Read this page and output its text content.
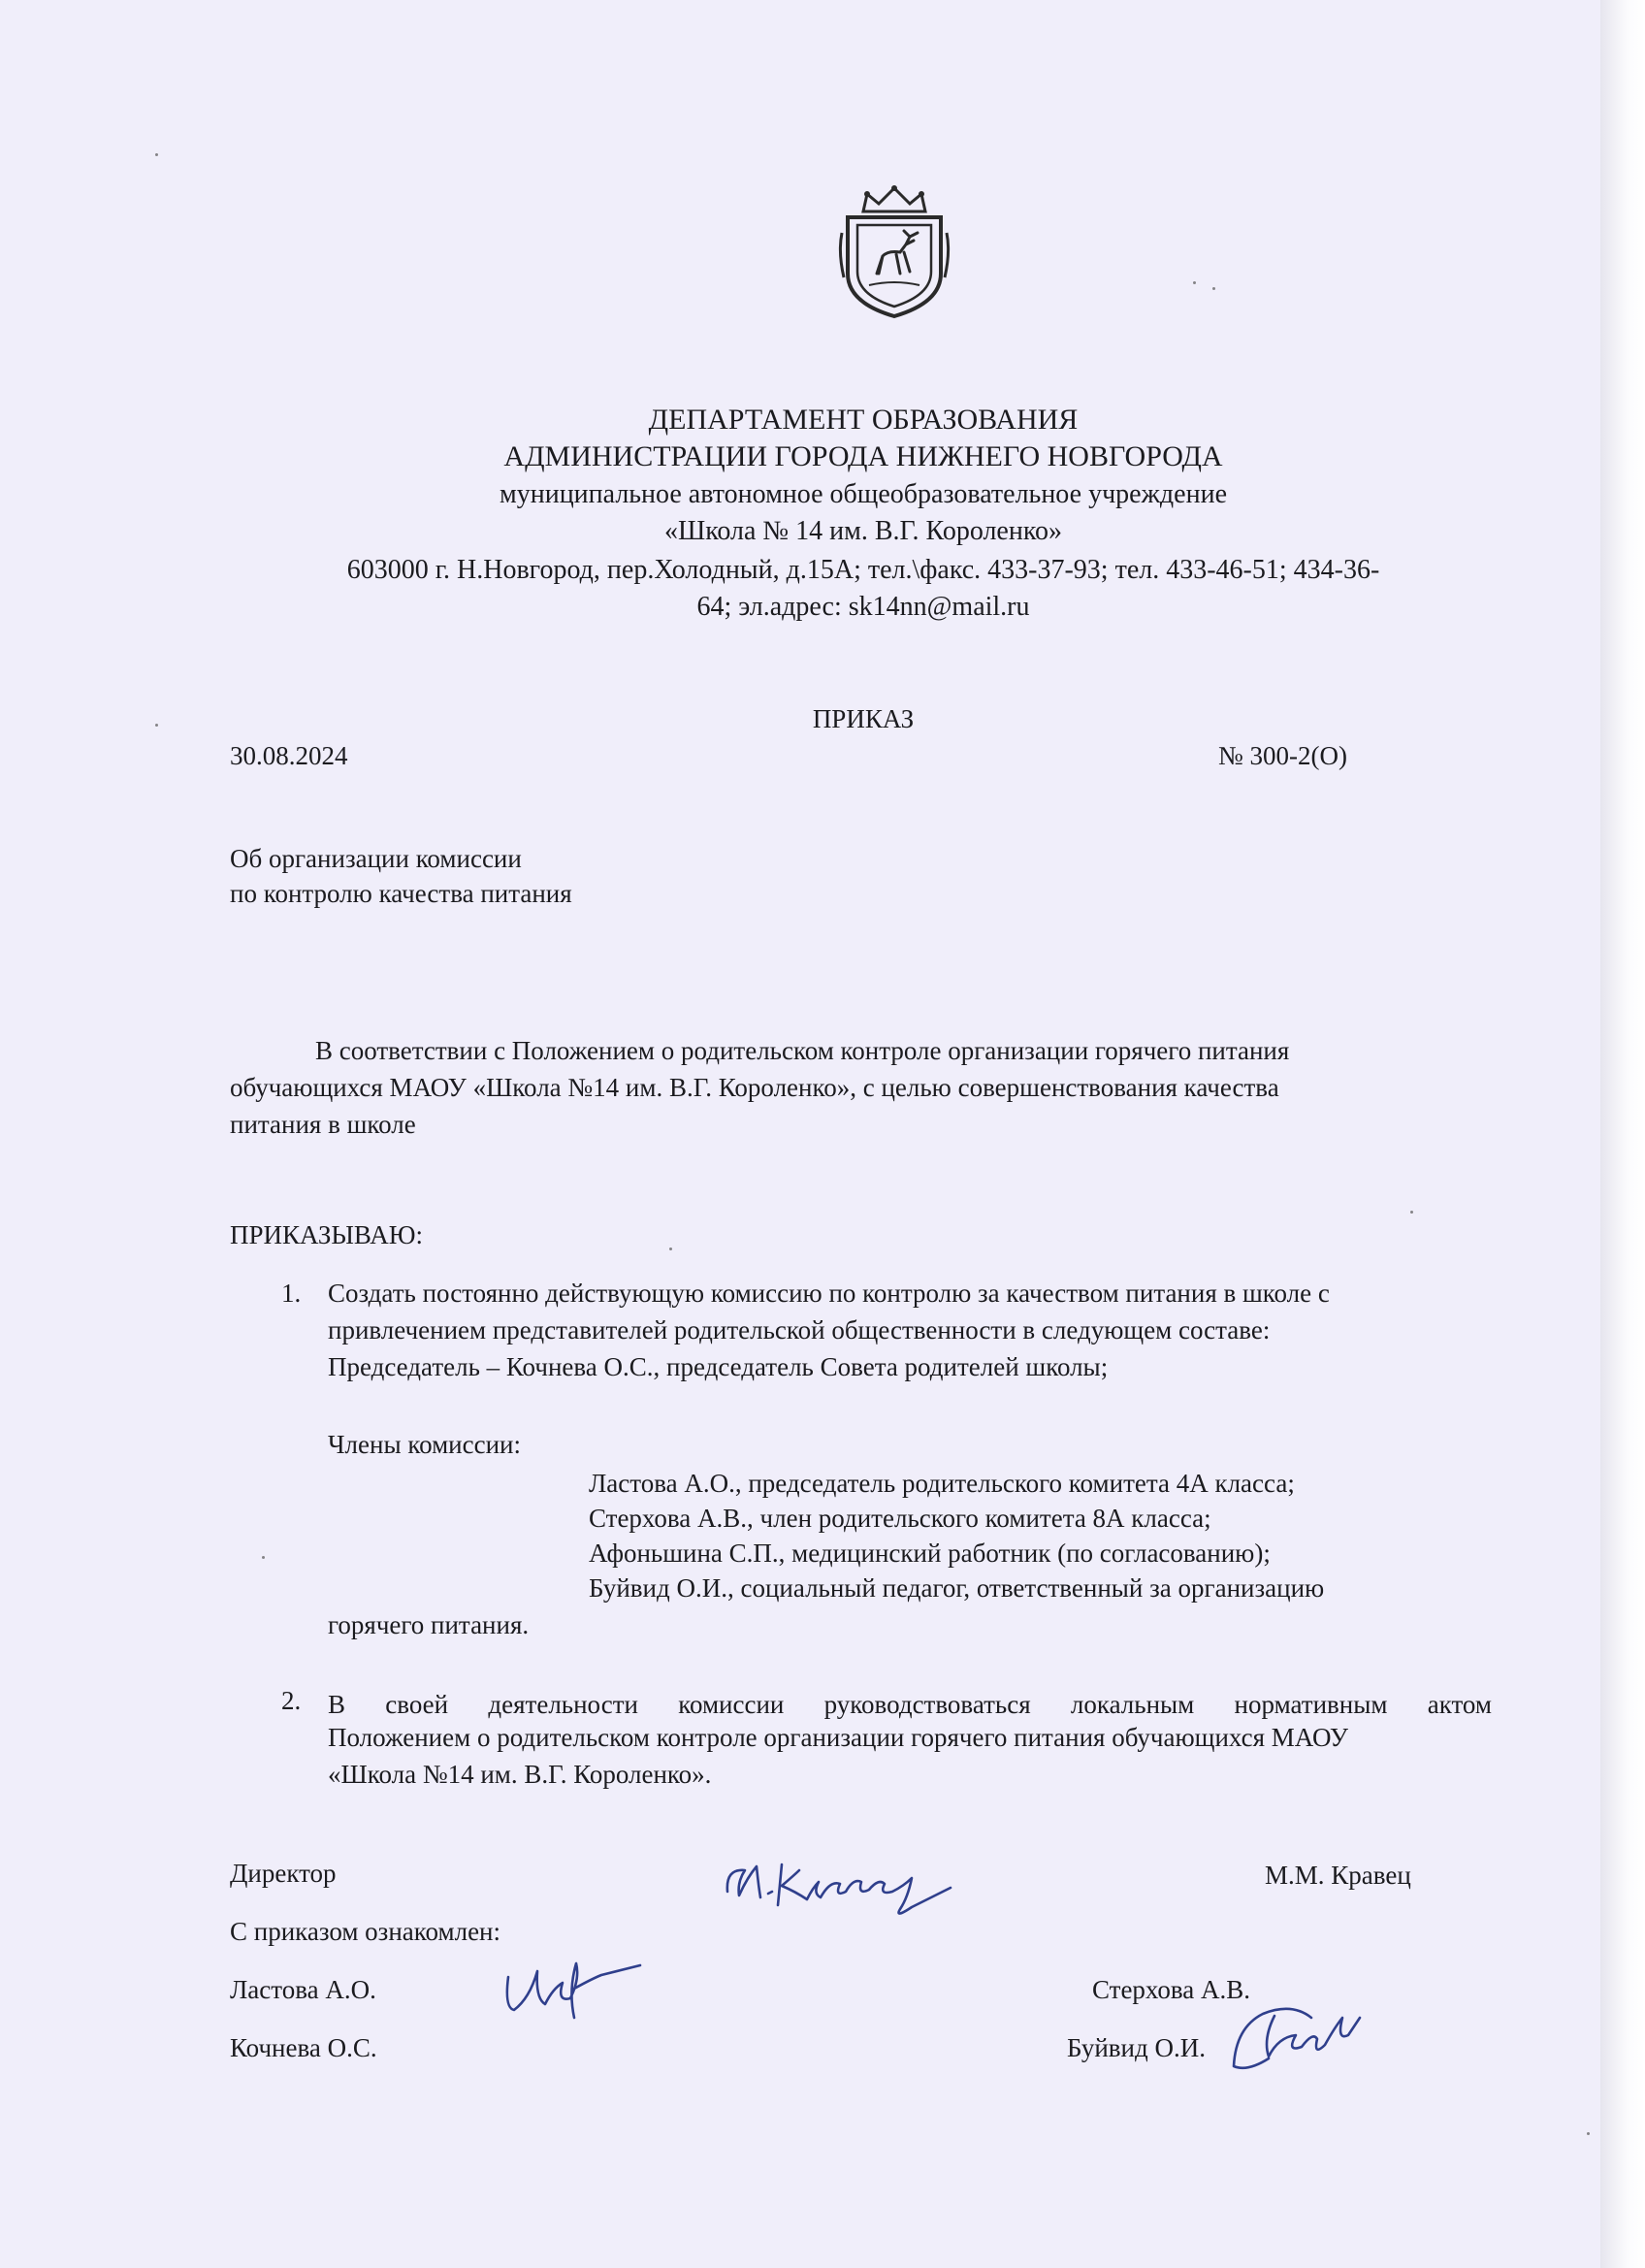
ДЕПАРТАМЕНТ ОБРАЗОВАНИЯ
АДМИНИСТРАЦИИ ГОРОДА НИЖНЕГО НОВГОРОДА
муниципальное автономное общеобразовательное учреждение
«Школа № 14 им. В.Г. Короленко»
603000 г. Н.Новгород, пер.Холодный, д.15А; тел.\факс. 433-37-93; тел. 433-46-51; 434-36-
64; эл.адрес: sk14nn@mail.ru
ПРИКАЗ
30.08.2024	№ 300-2(О)
Об организации комиссии
по контролю качества питания
В соответствии с Положением о родительском контроле организации горячего питания
обучающихся МАОУ «Школа №14 им. В.Г. Короленко», с целью совершенствования качества
питания в школе
ПРИКАЗЫВАЮ:
1. Создать постоянно действующую комиссию по контролю за качеством питания в школе с
привлечением представителей родительской общественности в следующем составе:
Председатель – Кочнева О.С., председатель Совета родителей школы;
Члены комиссии:
Ластова А.О., председатель родительского комитета 4А класса;
Стерхова А.В., член родительского комитета 8А класса;
Афоньшина С.П., медицинский работник (по согласованию);
Буйвид О.И., социальный педагог, ответственный за организацию
горячего питания.
2. В своей деятельности комиссии руководствоваться локальным нормативным актом
Положением о родительском контроле организации горячего питания обучающихся МАОУ
«Школа №14 им. В.Г. Короленко».
Директор	М.М. Кравец
С приказом ознакомлен:
Ластова А.О.	Стерхова А.В.
Кочнева О.С.	Буйвид О.И.
